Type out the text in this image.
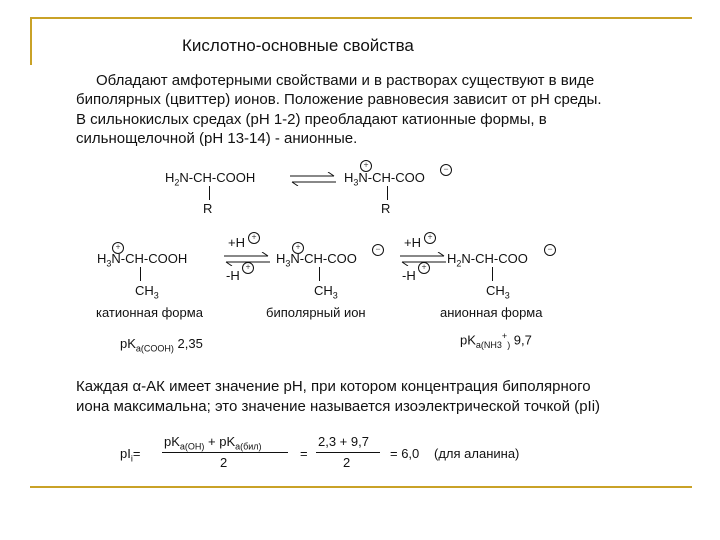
Кислотно-основные свойства
Обладают амфотерными свойствами и в растворах существуют в виде
биполярных (цвиттер) ионов. Положение равновесия зависит от pH среды.
В сильнокислых средах (pH 1-2) преобладают катионные формы, в
сильнощелочной (pH 13-14) - анионные.
$H_2N-CH$-COOH
R
$H_3N-CH$-COO
+	−
R
+
$H_3N-CH$-COOH
$CH_3$
+H +
-H
+
+
$H_3N-CH$-COO
−
$CH_3$
+H +
-H
+
$H_2N-CH$-COO
−
$CH_3$
катионная форма	биполярный ион	анионная форма
$pK_{a(COOH)}$ 2,35	$pK_{a(NH3}^+_)$ 9,7
Каждая α-АК имеет значение pH, при котором концентрация биполярного
иона максимальна; это значение называется изоэлектрической точкой (pIi)
$pI_i=$
$pK_{a(OH)} + pK_{a(бил)}$
2
=
2,3 + 9,7
2
= 6,0 (для аланина)
